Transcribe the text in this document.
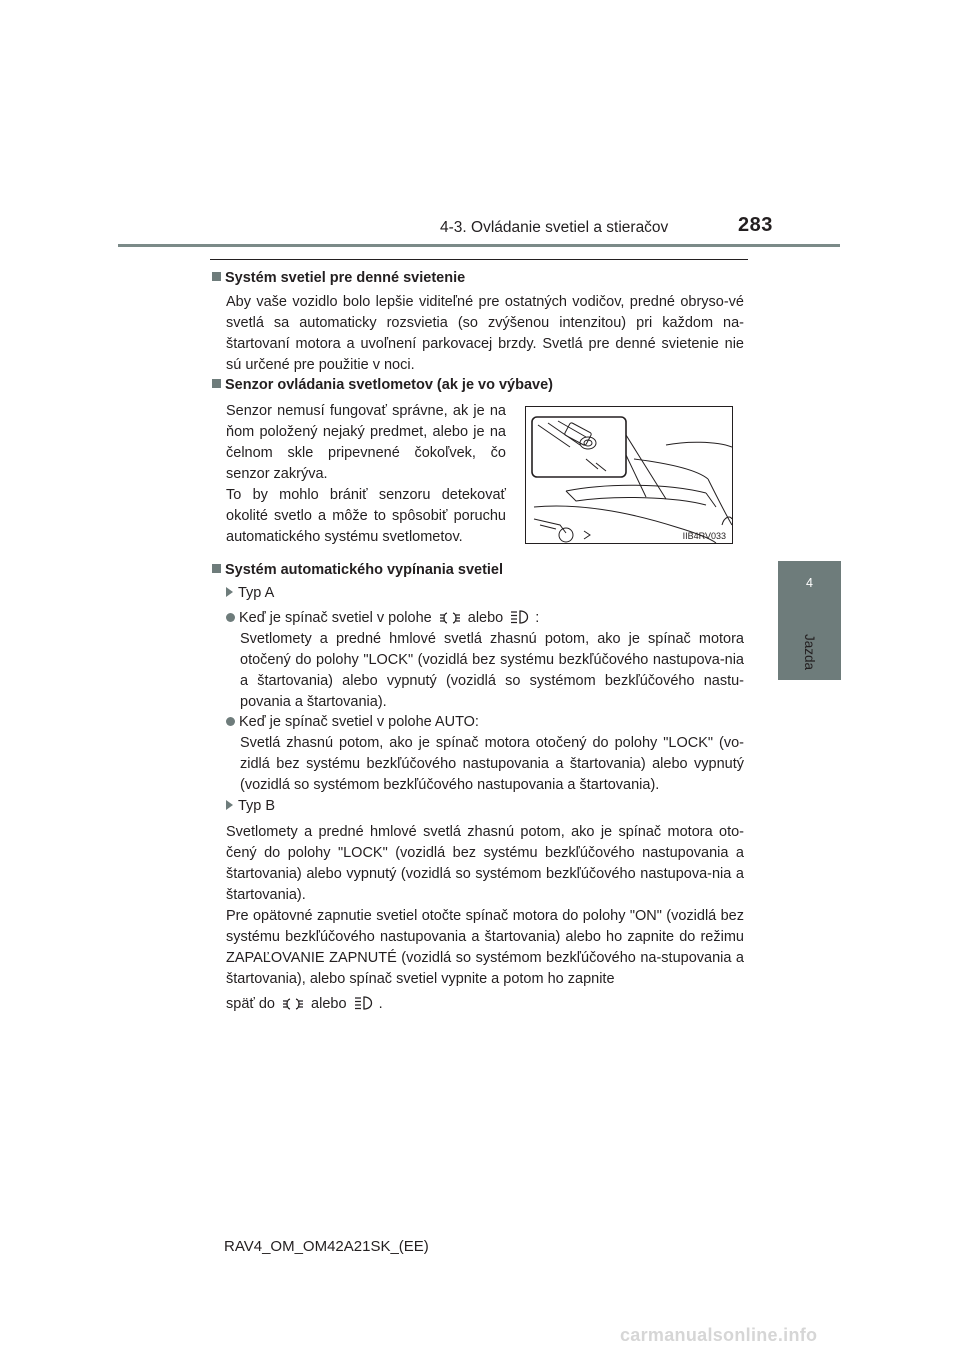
4-3. Ovládanie svetiel a stieračov	283
4
Jazda
Systém svetiel pre denné svietenie
Aby vaše vozidlo bolo lepšie viditeľné pre ostatných vodičov, predné obryso-vé svetlá sa automaticky rozsvietia (so zvýšenou intenzitou) pri každom na-štartovaní motora a uvoľnení parkovacej brzdy. Svetlá pre denné svietenie nie sú určené pre použitie v noci.
Senzor ovládania svetlometov (ak je vo výbave)
Senzor nemusí fungovať správne, ak je na ňom položený nejaký predmet, alebo je na čelnom skle pripevnené čokoľvek, čo senzor zakrýva.
To by mohlo brániť senzoru detekovať okolité svetlo a môže to spôsobiť poruchu automatického systému svetlometov.	IIB4RV033
Systém automatického vypínania svetiel
Typ A
Keď je spínač svetiel v polohe alebo :
Svetlomety a predné hmlové svetlá zhasnú potom, ako je spínač motora otočený do polohy "LOCK" (vozidlá bez systému bezkľúčového nastupova-nia a štartovania) alebo vypnutý (vozidlá so systémom bezkľúčového nastu-povania a štartovania).
Keď je spínač svetiel v polohe AUTO:
Svetlá zhasnú potom, ako je spínač motora otočený do polohy "LOCK" (vo-zidlá bez systému bezkľúčového nastupovania a štartovania) alebo vypnutý (vozidlá so systémom bezkľúčového nastupovania a štartovania).
Typ B
Svetlomety a predné hmlové svetlá zhasnú potom, ako je spínač motora oto-čený do polohy "LOCK" (vozidlá bez systému bezkľúčového nastupovania a štartovania) alebo vypnutý (vozidlá so systémom bezkľúčového nastupova-nia a štartovania).
Pre opätovné zapnutie svetiel otočte spínač motora do polohy "ON" (vozidlá bez systému bezkľúčového nastupovania a štartovania) alebo ho zapnite do režimu ZAPAĽOVANIE ZAPNUTÉ (vozidlá so systémom bezkľúčového na-stupovania a štartovania), alebo spínač svetiel vypnite a potom ho zapnite
späť do alebo .
RAV4_OM_OM42A21SK_(EE)
carmanualsonline.info
